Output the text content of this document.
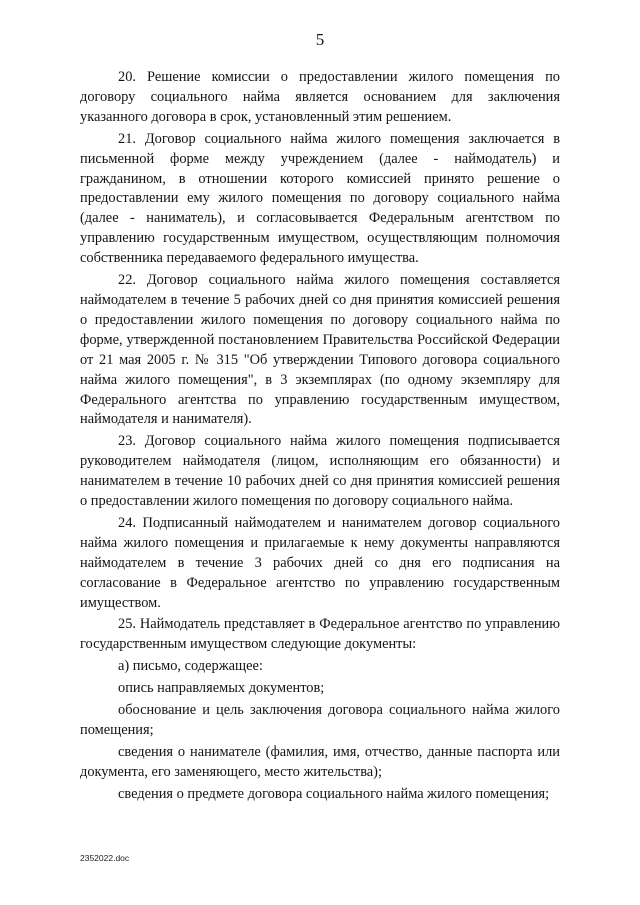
5

20. Решение комиссии о предоставлении жилого помещения по договору социального найма является основанием для заключения указанного договора в срок, установленный этим решением.

21. Договор социального найма жилого помещения заключается в письменной форме между учреждением (далее - наймодатель) и гражданином, в отношении которого комиссией принято решение о предоставлении ему жилого помещения по договору социального найма (далее - наниматель), и согласовывается Федеральным агентством по управлению государственным имуществом, осуществляющим полномочия собственника передаваемого федерального имущества.

22. Договор социального найма жилого помещения составляется наймодателем в течение 5 рабочих дней со дня принятия комиссией решения о предоставлении жилого помещения по договору социального найма по форме, утвержденной постановлением Правительства Российской Федерации от 21 мая 2005 г. № 315 "Об утверждении Типового договора социального найма жилого помещения", в 3 экземплярах (по одному экземпляру для Федерального агентства по управлению государственным имуществом, наймодателя и нанимателя).

23. Договор социального найма жилого помещения подписывается руководителем наймодателя (лицом, исполняющим его обязанности) и нанимателем в течение 10 рабочих дней со дня принятия комиссией решения о предоставлении жилого помещения по договору социального найма.

24. Подписанный наймодателем и нанимателем договор социального найма жилого помещения и прилагаемые к нему документы направляются наймодателем в течение 3 рабочих дней со дня его подписания на согласование в Федеральное агентство по управлению государственным имуществом.

25. Наймодатель представляет в Федеральное агентство по управлению государственным имуществом следующие документы:

а) письмо, содержащее:

опись направляемых документов;

обоснование и цель заключения договора социального найма жилого помещения;

сведения о нанимателе (фамилия, имя, отчество, данные паспорта или документа, его заменяющего, место жительства);

сведения о предмете договора социального найма жилого помещения;

2352022.doc
